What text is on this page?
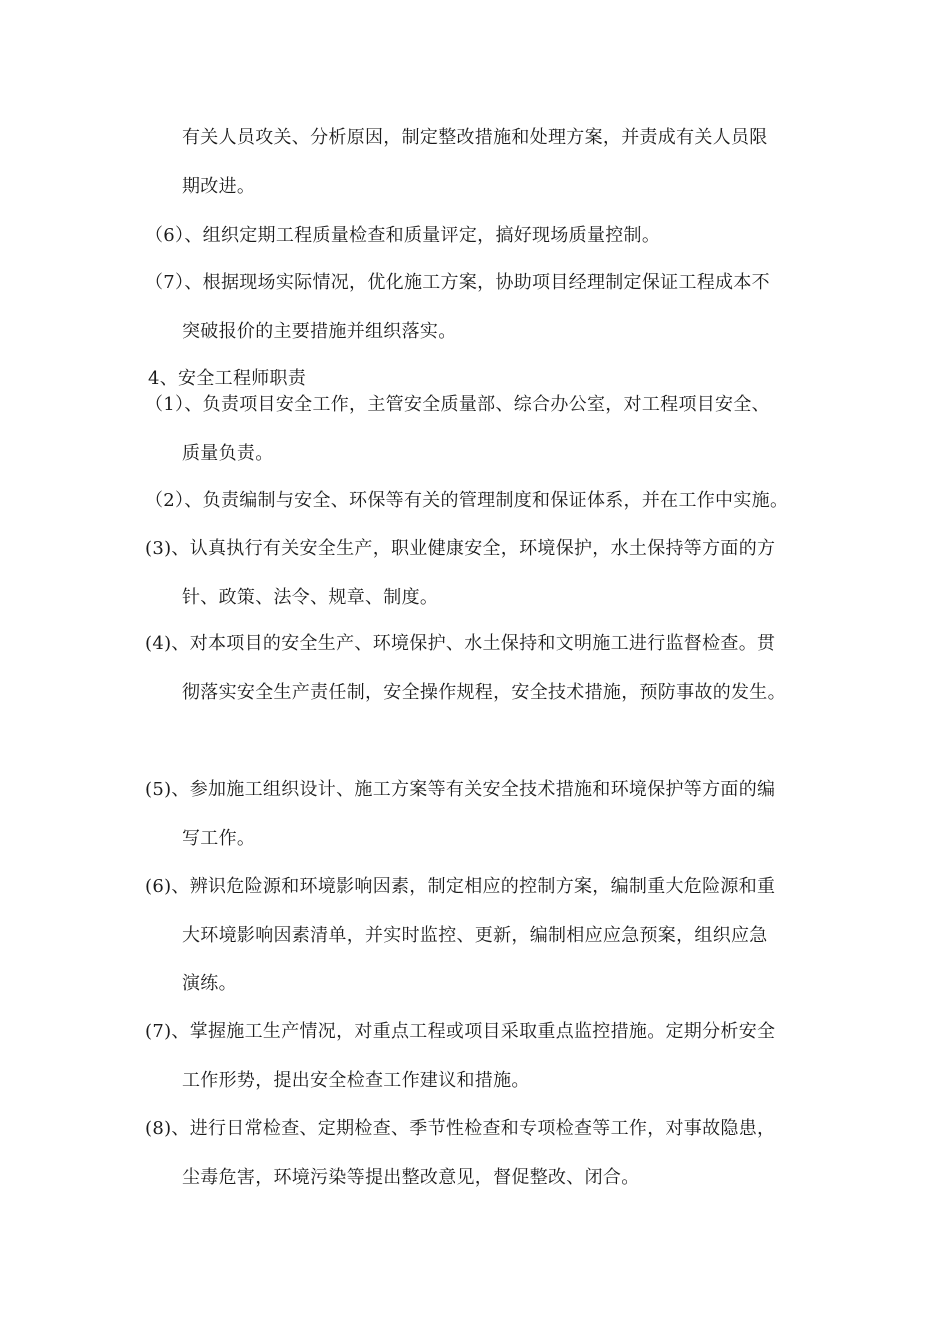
有关人员攻关、分析原因，制定整改措施和处理方案，并责成有关人员限
期改进。
（6）、组织定期工程质量检查和质量评定，搞好现场质量控制。
（7）、根据现场实际情况，优化施工方案，协助项目经理制定保证工程成本不
突破报价的主要措施并组织落实。
4、安全工程师职责
（1）、负责项目安全工作，主管安全质量部、综合办公室，对工程项目安全、
质量负责。
（2）、负责编制与安全、环保等有关的管理制度和保证体系，并在工作中实施。
(3)、认真执行有关安全生产，职业健康安全，环境保护，水土保持等方面的方
针、政策、法令、规章、制度。
(4)、对本项目的安全生产、环境保护、水土保持和文明施工进行监督检查。贯
彻落实安全生产责任制，安全操作规程，安全技术措施，预防事故的发生。
(5)、参加施工组织设计、施工方案等有关安全技术措施和环境保护等方面的编
写工作。
(6)、辨识危险源和环境影响因素，制定相应的控制方案，编制重大危险源和重
大环境影响因素清单，并实时监控、更新，编制相应应急预案，组织应急
演练。
(7)、掌握施工生产情况，对重点工程或项目采取重点监控措施。定期分析安全
工作形势，提出安全检查工作建议和措施。
(8)、进行日常检查、定期检查、季节性检查和专项检查等工作，对事故隐患，
尘毒危害，环境污染等提出整改意见，督促整改、闭合。
